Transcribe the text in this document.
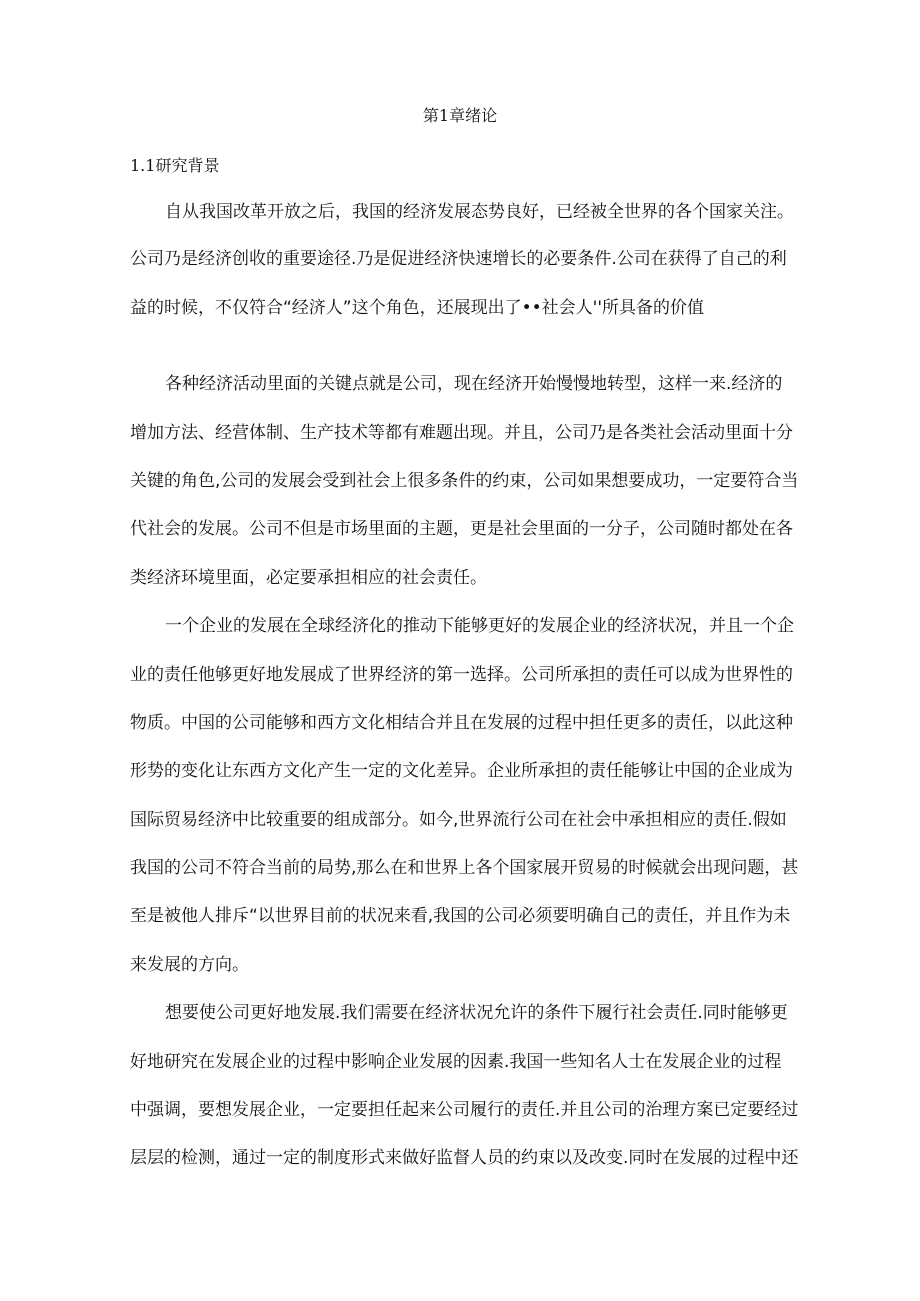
第1章绪论
1.1研究背景
自从我国改革开放之后，我国的经济发展态势良好，已经被全世界的各个国家关注。
公司乃是经济创收的重要途径.乃是促进经济快速增长的必要条件.公司在获得了自己的利
益的时候，不仅符合“经济人”这个角色，还展现出了••社会人''所具备的价值
各种经济活动里面的关键点就是公司，现在经济开始慢慢地转型，这样一来.经济的
增加方法、经营体制、生产技术等都有难题出现。并且，公司乃是各类社会活动里面十分
关键的角色,公司的发展会受到社会上很多条件的约束，公司如果想要成功，一定要符合当
代社会的发展。公司不但是市场里面的主题，更是社会里面的一分子，公司随时都处在各
类经济环境里面，必定要承担相应的社会责任。
一个企业的发展在全球经济化的推动下能够更好的发展企业的经济状况，并且一个企
业的责任他够更好地发展成了世界经济的第一选择。公司所承担的责任可以成为世界性的
物质。中国的公司能够和西方文化相结合并且在发展的过程中担任更多的责任，以此这种
形势的变化让东西方文化产生一定的文化差异。企业所承担的责任能够让中国的企业成为
国际贸易经济中比较重要的组成部分。如今,世界流行公司在社会中承担相应的责任.假如
我国的公司不符合当前的局势,那么在和世界上各个国家展开贸易的时候就会出现问题，甚
至是被他人排斥“以世界目前的状况来看,我国的公司必须要明确自己的责任，并且作为未
来发展的方向。
想要使公司更好地发展.我们需要在经济状况允许的条件下履行社会责任.同时能够更
好地研究在发展企业的过程中影响企业发展的因素.我国一些知名人士在发展企业的过程
中强调，要想发展企业，一定要担任起来公司履行的责任.并且公司的治理方案已定要经过
层层的检测，通过一定的制度形式来做好监督人员的约束以及改变.同时在发展的过程中还
